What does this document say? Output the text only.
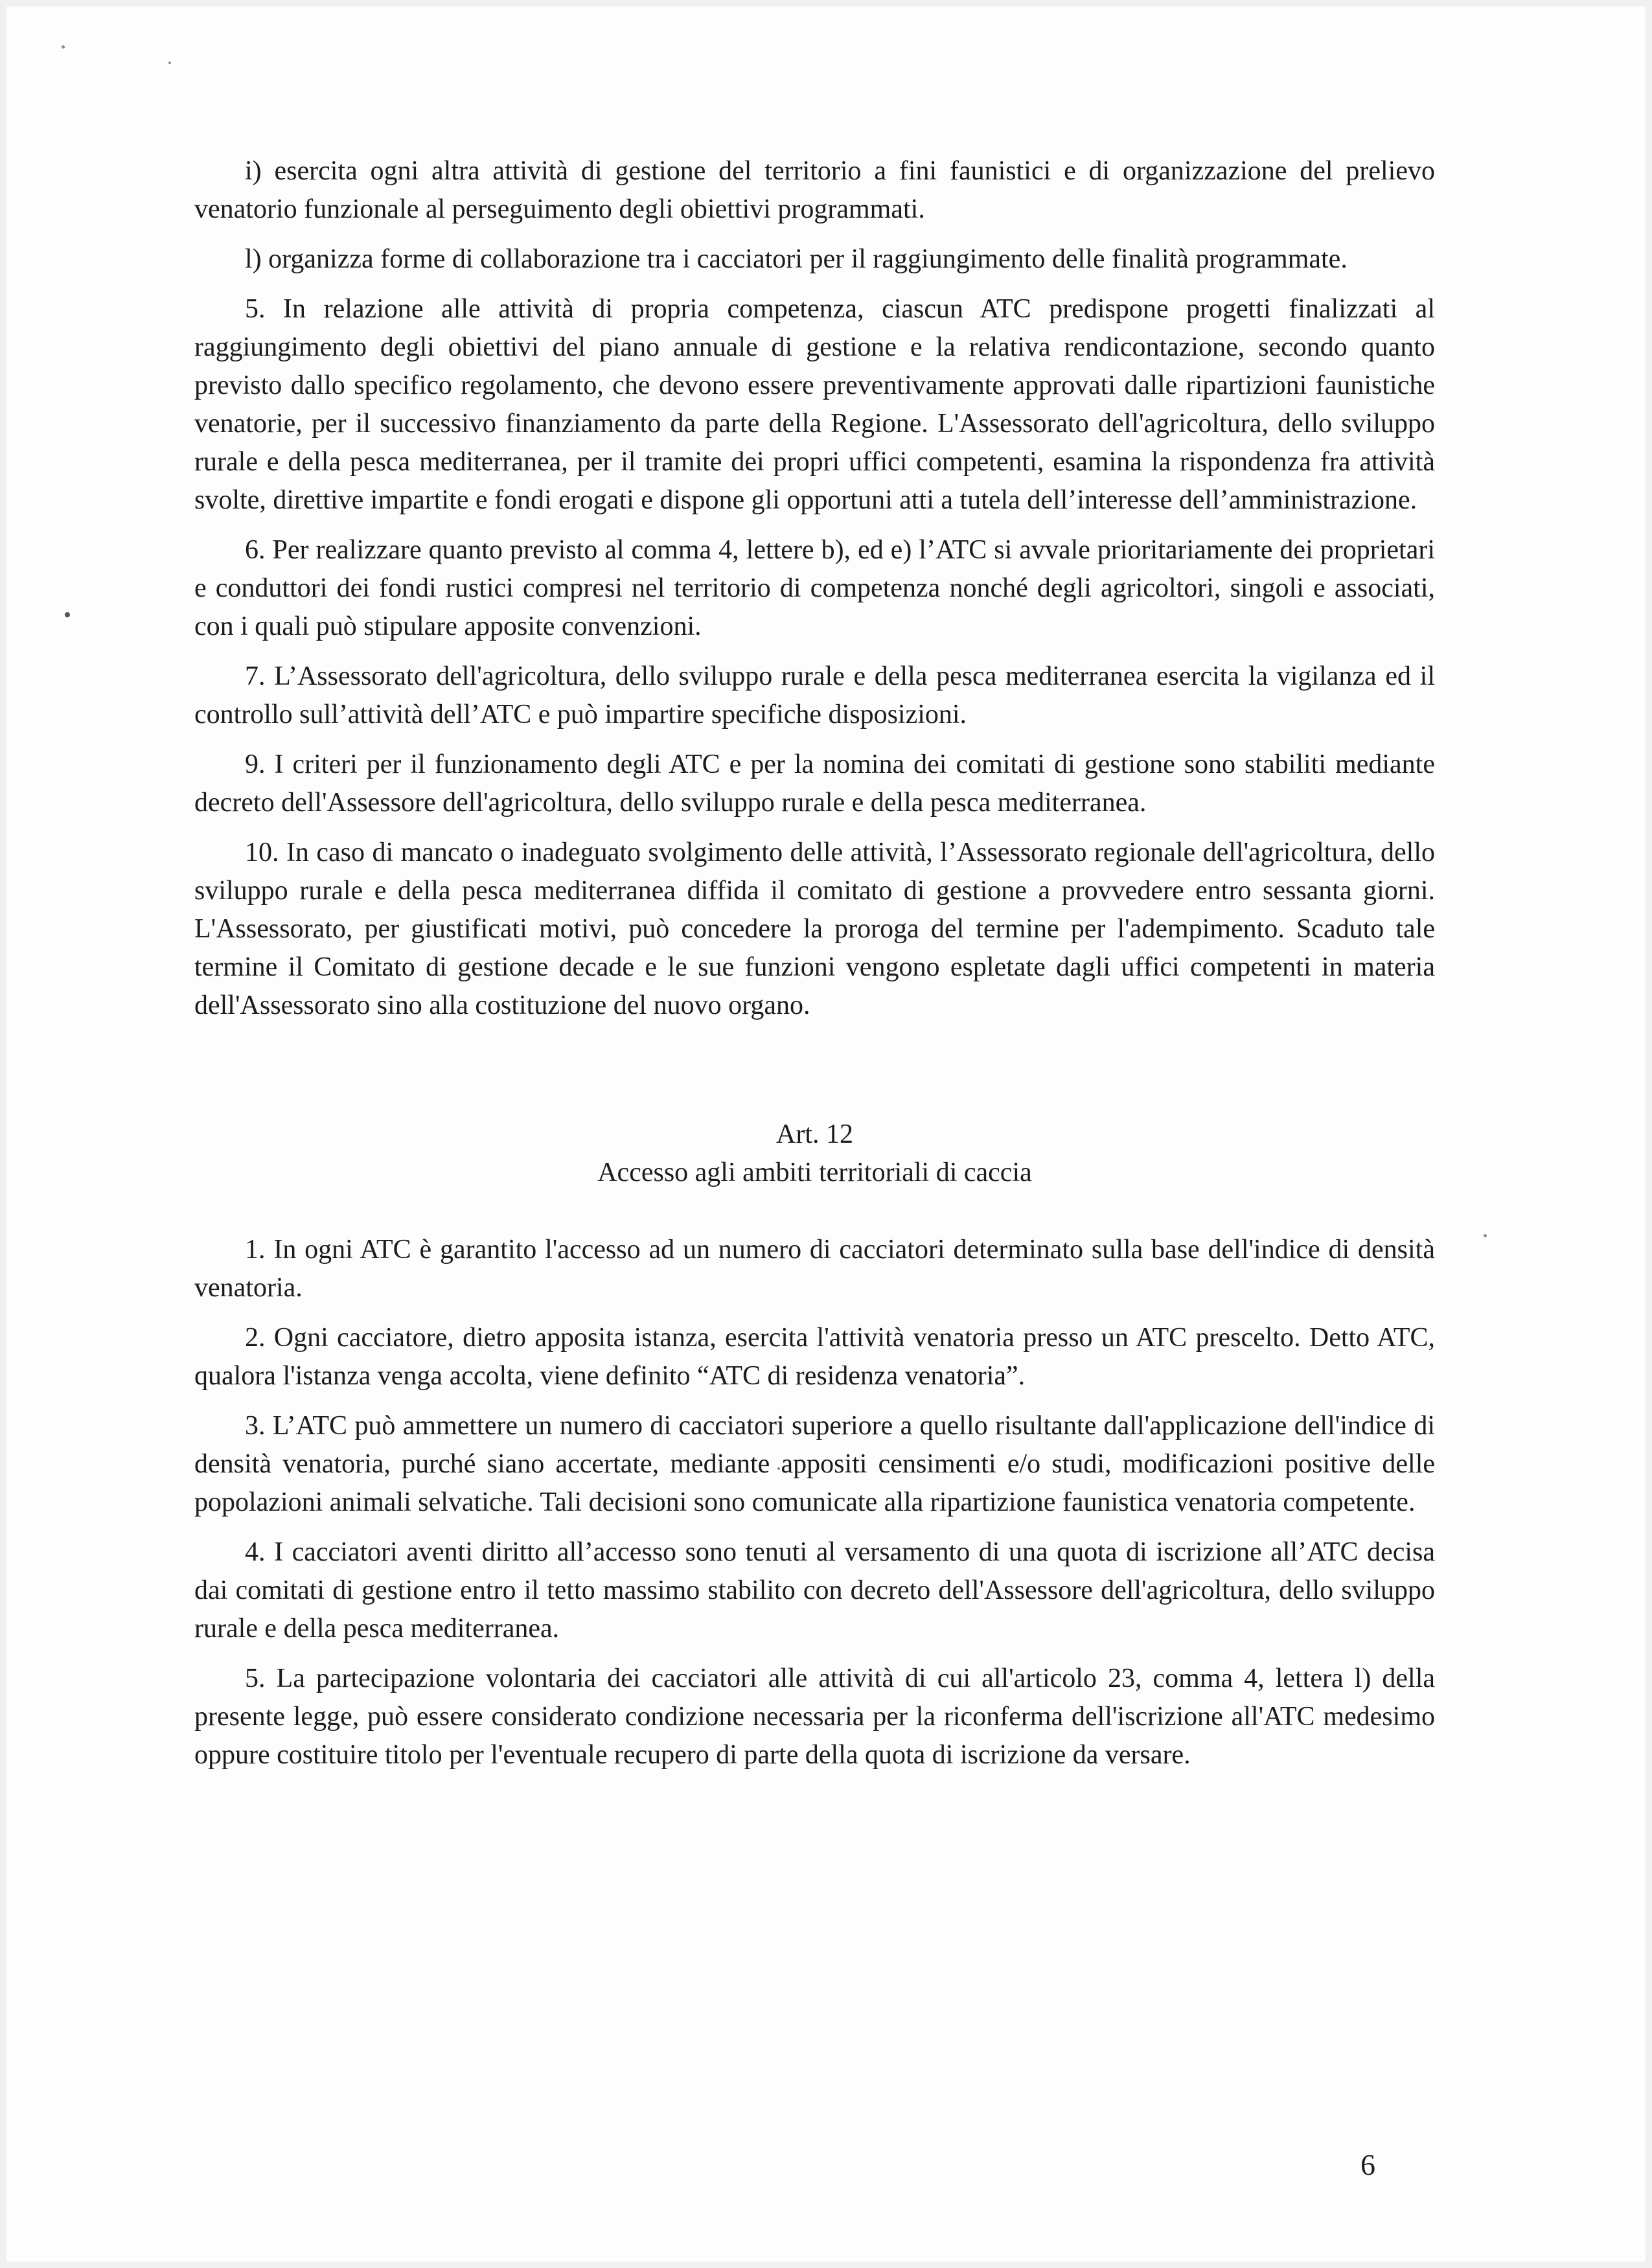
i) esercita ogni altra attività di gestione del territorio a fini faunistici e di organizzazione del prelievo venatorio funzionale al perseguimento degli obiettivi programmati.

l) organizza forme di collaborazione tra i cacciatori per il raggiungimento delle finalità programmate.

5. In relazione alle attività di propria competenza, ciascun ATC predispone progetti finalizzati al raggiungimento degli obiettivi del piano annuale di gestione e la relativa rendicontazione, secondo quanto previsto dallo specifico regolamento, che devono essere preventivamente approvati dalle ripartizioni faunistiche venatorie, per il successivo finanziamento da parte della Regione. L'Assessorato dell'agricoltura, dello sviluppo rurale e della pesca mediterranea, per il tramite dei propri uffici competenti, esamina la rispondenza fra attività svolte, direttive impartite e fondi erogati e dispone gli opportuni atti a tutela dell’interesse dell’amministrazione.

6. Per realizzare quanto previsto al comma 4, lettere b), ed e) l’ATC si avvale prioritariamente dei proprietari e conduttori dei fondi rustici compresi nel territorio di competenza nonché degli agricoltori, singoli e associati, con i quali può stipulare apposite convenzioni.

7. L’Assessorato dell'agricoltura, dello sviluppo rurale e della pesca mediterranea esercita la vigilanza ed il controllo sull’attività dell’ATC e può impartire specifiche disposizioni.

9. I criteri per il funzionamento degli ATC e per la nomina dei comitati di gestione sono stabiliti mediante decreto dell'Assessore dell'agricoltura, dello sviluppo rurale e della pesca mediterranea.

10. In caso di mancato o inadeguato svolgimento delle attività, l’Assessorato regionale dell'agricoltura, dello sviluppo rurale e della pesca mediterranea diffida il comitato di gestione a provvedere entro sessanta giorni. L'Assessorato, per giustificati motivi, può concedere la proroga del termine per l'adempimento. Scaduto tale termine il Comitato di gestione decade e le sue funzioni vengono espletate dagli uffici competenti in materia dell'Assessorato sino alla costituzione del nuovo organo.

Art. 12
Accesso agli ambiti territoriali di caccia

1. In ogni ATC è garantito l'accesso ad un numero di cacciatori determinato sulla base dell'indice di densità venatoria.

2. Ogni cacciatore, dietro apposita istanza, esercita l'attività venatoria presso un ATC prescelto. Detto ATC, qualora l'istanza venga accolta, viene definito “ATC di residenza venatoria”.

3. L’ATC può ammettere un numero di cacciatori superiore a quello risultante dall'applicazione dell'indice di densità venatoria, purché siano accertate, mediante appositi censimenti e/o studi, modificazioni positive delle popolazioni animali selvatiche. Tali decisioni sono comunicate alla ripartizione faunistica venatoria competente.

4. I cacciatori aventi diritto all’accesso sono tenuti al versamento di una quota di iscrizione all’ATC decisa dai comitati di gestione entro il tetto massimo stabilito con decreto dell'Assessore dell'agricoltura, dello sviluppo rurale e della pesca mediterranea.

5. La partecipazione volontaria dei cacciatori alle attività di cui all'articolo 23, comma 4, lettera l) della presente legge, può essere considerato condizione necessaria per la riconferma dell'iscrizione all'ATC medesimo oppure costituire titolo per l'eventuale recupero di parte della quota di iscrizione da versare.

6
